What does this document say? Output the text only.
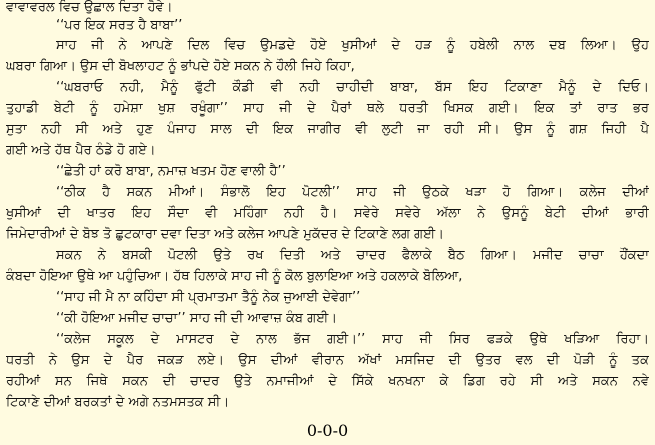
ਵਾਵਾਵਰਲ ਵਿਚ ਉਛਾਲ ਦਿਤਾ ਹੋਵੇ।
‘‘ਪਰ ਇਕ ਸਰਤ ਹੈ ਬਾਬਾ’’
ਸਾਹ ਜੀ ਨੇ ਆਪਣੇ ਦਿਲ ਵਿਚ ਉਮਡਦੇ ਹੋਏ ਖੁਸੀਆਂ ਦੇ ਹੜ ਨੂੰ ਹਬੇਲੀ ਨਾਲ ਦਬ ਲਿਆ। ਉਹ
ਘਬਰਾ ਗਿਆ। ਉਸ ਦੀ ਬੋਖਲਾਹਟ ਨੂੰ ਭਾਂਪਦੇ ਹੋਏ ਸਕਨ ਨੇ ਹੌਲੀ ਜਿਹੇ ਕਿਹਾ,
‘‘ਘਬਰਾਓ ਨਹੀ, ਮੈਨੂੰ ਫੁੱਟੀ ਕੌਡੀ ਵੀ ਨਹੀ ਚਾਹੀਦੀ ਬਾਬਾ, ਬੱਸ ਇਹ ਟਿਕਾਣਾ ਮੈਨੂੰ ਦੇ ਦਿਓ।
ਤੁਹਾਡੀ ਬੇਟੀ ਨੂੰ ਹਮੇਸ਼ਾ ਖੁਸ਼ ਰਖੂੰਗਾ’’ ਸਾਹ ਜੀ ਦੇ ਪੈਰਾਂ ਥਲੇ ਧਰਤੀ ਖਿਸਕ ਗਈ। ਇਕ ਤਾਂ ਰਾਤ ਭਰ
ਸੁਤਾ ਨਹੀ ਸੀ ਅਤੇ ਹੁਣ ਪੰਜਾਹ ਸਾਲ ਦੀ ਇਕ ਜਾਗੀਰ ਵੀ ਲੁਟੀ ਜਾ ਰਹੀ ਸੀ। ਉਸ ਨੂੰ ਗਸ਼ ਜਿਹੀ ਪੈ
ਗਈ ਅਤੇ ਹੱਥ ਪੈਰ ਠੰਡੇ ਹੋ ਗਏ।
‘‘ਛੇਤੀ ਹਾਂ ਕਰੋ ਬਾਬਾ, ਨਮਾਜ਼ ਖਤਮ ਹੋਣ ਵਾਲੀ ਹੈ’’
‘‘ਠੀਕ ਹੈ ਸਕਨ ਮੀਆਂ। ਸੰਭਾਲੋ ਇਹ ਪੋਟਲੀ’’ ਸਾਹ ਜੀ ਉਠਕੇ ਖੜਾ ਹੋ ਗਿਆ। ਕਲੇਜ ਦੀਆਂ
ਖੁਸੀਆਂ ਦੀ ਖਾਤਰ ਇਹ ਸੌਦਾ ਵੀ ਮਹਿੰਗਾ ਨਹੀ ਹੈ। ਸਵੇਰੇ ਸਵੇਰੇ ਅੱਲਾ ਨੇ ਉਸਨੂੰ ਬੇਟੀ ਦੀਆਂ ਭਾਰੀ
ਜਿਮੇਦਾਰੀਆਂ ਦੇ ਬੋਝ ਤੋ ਛੁਟਕਾਰਾ ਦਵਾ ਦਿਤਾ ਅਤੇ ਕਲੇਜ ਆਪਣੇ ਮੁਕੱਦਰ ਦੇ ਟਿਕਾਣੇ ਲਗ ਗਈ।
ਸਕਨ ਨੇ ਬਸਕੀ ਪੋਟਲੀ ਉਤੇ ਰਖ ਦਿਤੀ ਅਤੇ ਚਾਦਰ ਫੈਲਾਕੇ ਬੈਠ ਗਿਆ। ਮਜੀਦ ਚਾਚਾ ਹੌਂਕਦਾ
ਕੰਬਦਾ ਹੋਇਆ ਉਥੇ ਆ ਪਹੁੰਚਿਆ। ਹੱਥ ਹਿਲਾਕੇ ਸਾਹ ਜੀ ਨੂੰ ਕੋਲ ਬੁਲਾਇਆ ਅਤੇ ਹਕਲਾਕੇ ਬੋਲਿਆ,
‘‘ਸਾਹ ਜੀ ਮੈ ਨਾ ਕਹਿੰਦਾ ਸੀ ਪ੍ਰਮਾਤਮਾ ਤੈਨੂੰ ਨੇਕ ਜੁਆਈ ਦੇਵੇਗਾ’’
‘‘ਕੀ ਹੋਇਆ ਮਜੀਦ ਚਾਚਾ’’ ਸਾਹ ਜੀ ਦੀ ਆਵਾਜ਼ ਕੰਬ ਗਈ।
‘‘ਕਲੇਜ ਸਕੂਲ ਦੇ ਮਾਸਟਰ ਦੇ ਨਾਲ ਭੱਜ ਗਈ।’’ ਸਾਹ ਜੀ ਸਿਰ ਫੜਕੇ ਉਥੇ ਖੜਿਆ ਰਿਹਾ।
ਧਰਤੀ ਨੇ ਉਸ ਦੇ ਪੈਰ ਜਕੜ ਲਏ। ਉਸ ਦੀਆਂ ਵੀਰਾਨ ਅੱਖਾਂ ਮਸਜਿਦ ਦੀ ਉਤਰ ਵਲ ਦੀ ਪੋੜੀ ਨੂੰ ਤਕ
ਰਹੀਆਂ ਸਨ ਜਿਥੇ ਸਕਨ ਦੀ ਚਾਦਰ ਉਤੇ ਨਮਾਜੀਆਂ ਦੇ ਸਿੱਕੇ ਖਨਖਨਾ ਕੇ ਡਿਗ ਰਹੇ ਸੀ ਅਤੇ ਸਕਨ ਨਵੇ
ਟਿਕਾਣੇ ਦੀਆਂ ਬਰਕਤਾਂ ਦੇ ਅਗੇ ਨਤਮਸਤਕ ਸੀ।
0-0-0
